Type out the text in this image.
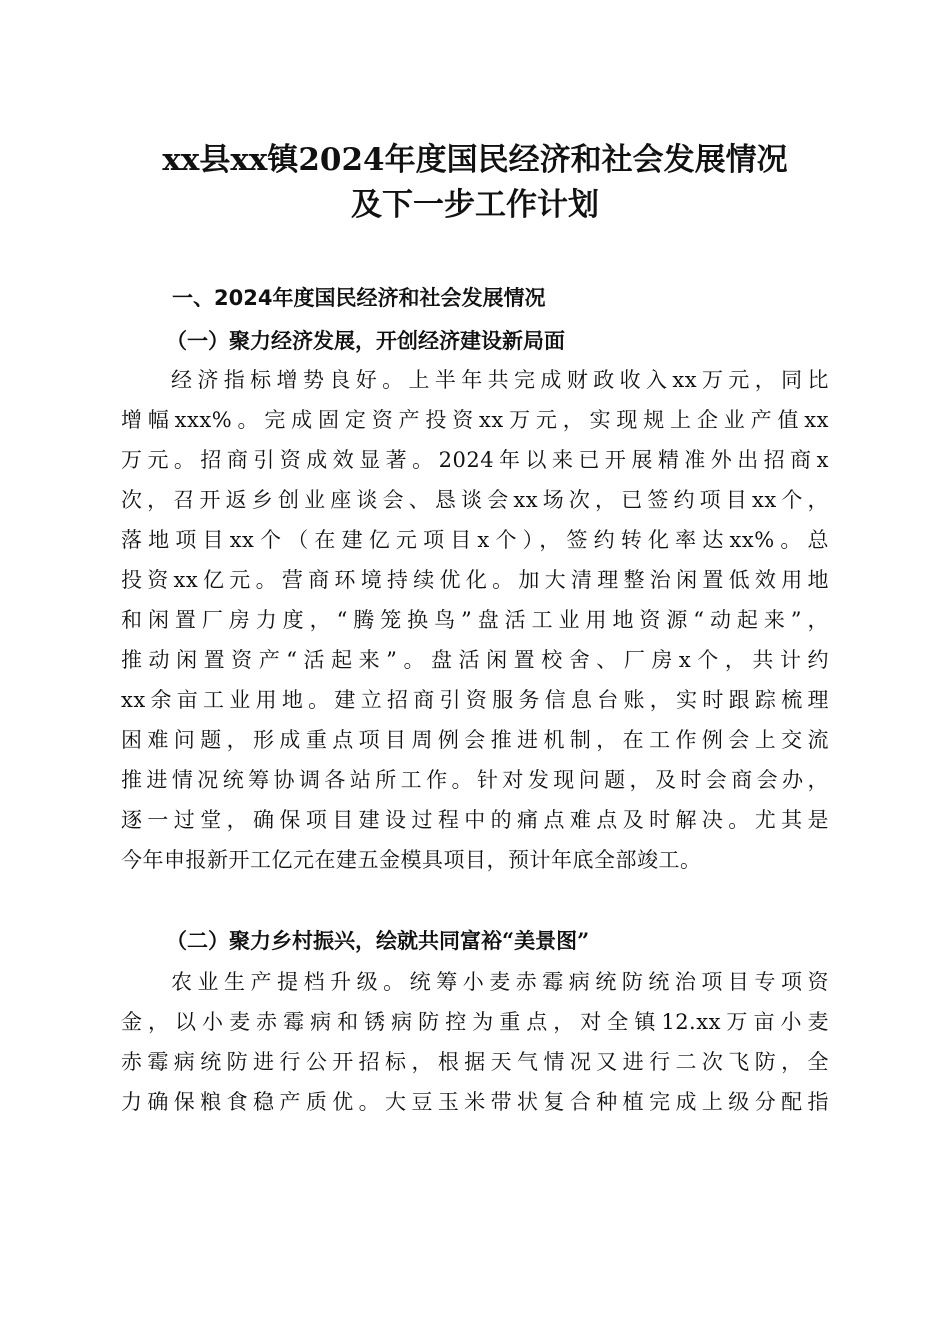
xx县xx镇2024年度国民经济和社会发展情况
及下一步工作计划
一、2024年度国民经济和社会发展情况
（一）聚力经济发展，开创经济建设新局面
经济指标增势良好。上半年共完成财政收入xx万元，同比
增幅xxx%。完成固定资产投资xx万元，实现规上企业产值xx
万元。招商引资成效显著。2024年以来已开展精准外出招商x
次，召开返乡创业座谈会、恳谈会xx场次，已签约项目xx个，
落地项目xx个（在建亿元项目x个），签约转化率达xx%。总
投资xx亿元。营商环境持续优化。加大清理整治闲置低效用地
和闲置厂房力度，“腾笼换鸟”盘活工业用地资源“动起来”，
推动闲置资产“活起来”。盘活闲置校舍、厂房x个，共计约
xx余亩工业用地。建立招商引资服务信息台账，实时跟踪梳理
困难问题，形成重点项目周例会推进机制，在工作例会上交流
推进情况统筹协调各站所工作。针对发现问题，及时会商会办，
逐一过堂，确保项目建设过程中的痛点难点及时解决。尤其是
今年申报新开工亿元在建五金模具项目，预计年底全部竣工。
（二）聚力乡村振兴，绘就共同富裕“美景图”
农业生产提档升级。统筹小麦赤霉病统防统治项目专项资
金，以小麦赤霉病和锈病防控为重点，对全镇12.xx万亩小麦
赤霉病统防进行公开招标，根据天气情况又进行二次飞防，全
力确保粮食稳产质优。大豆玉米带状复合种植完成上级分配指
